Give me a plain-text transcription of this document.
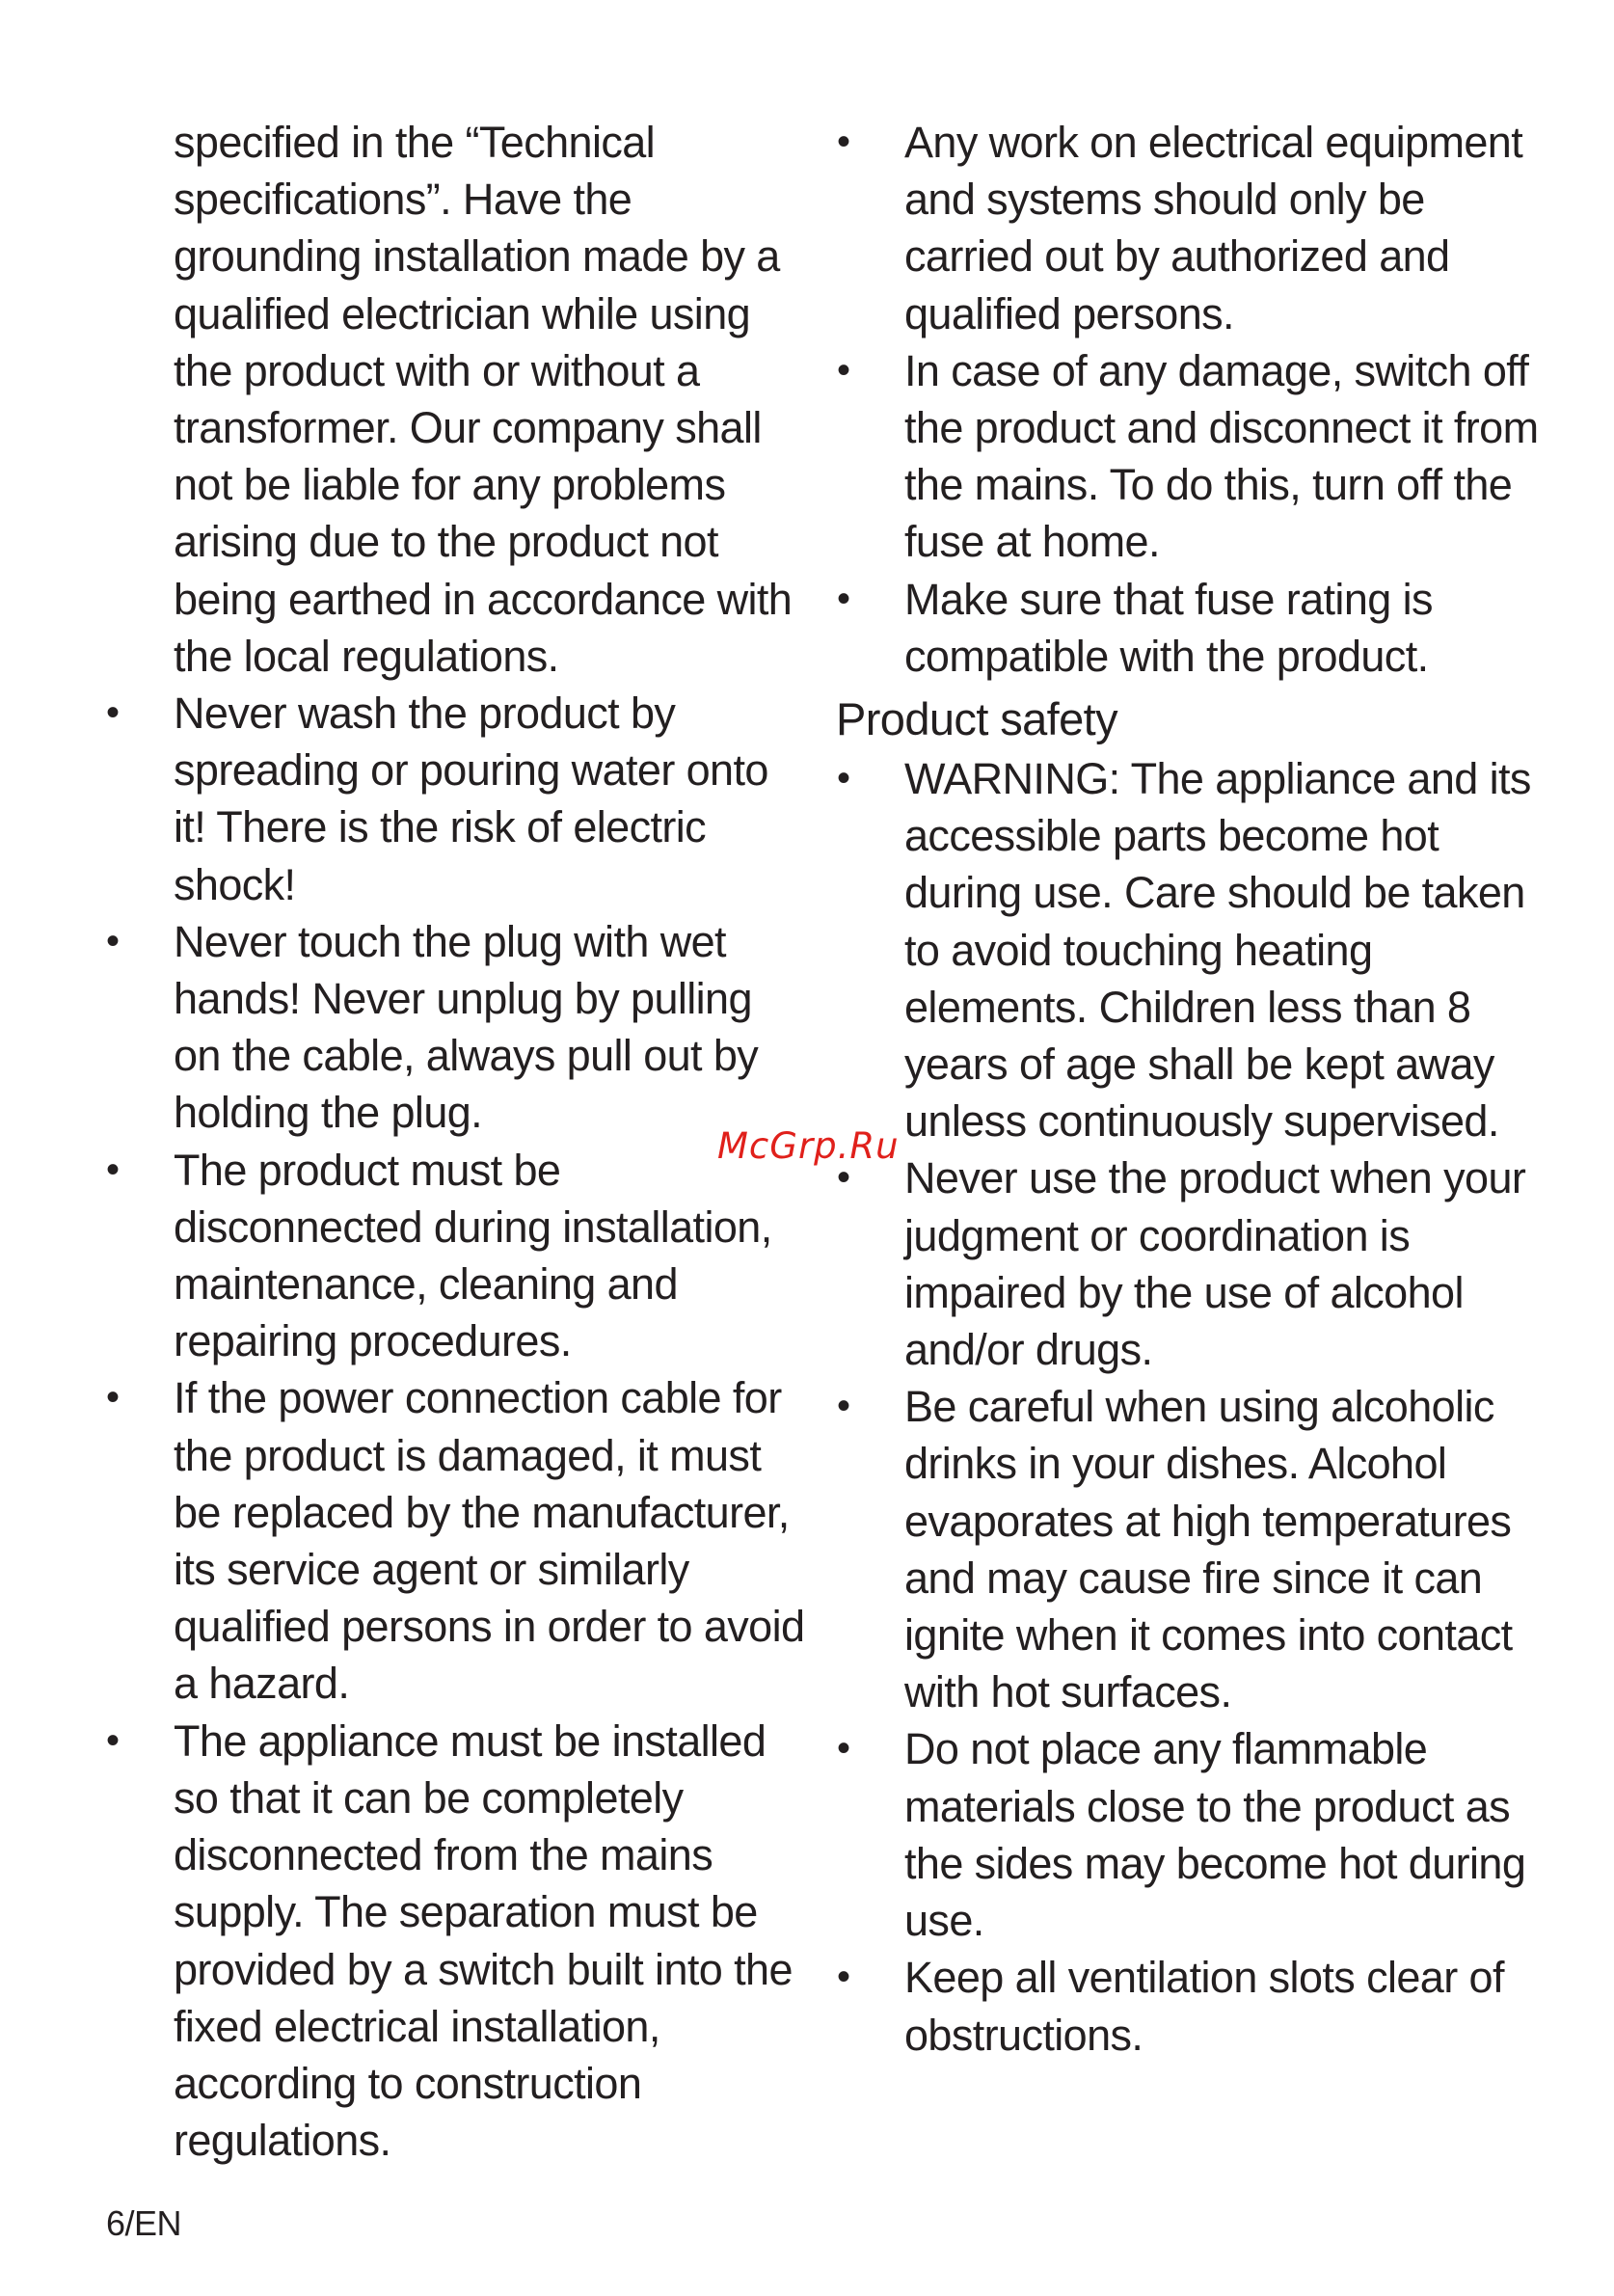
specified in the “Technical specifications”. Have the grounding installation made by a qualified electrician while using the product with or without a transformer. Our company shall not be liable for any problems arising due to the product not being earthed in accordance with the local regulations.

• Never wash the product by spreading or pouring water onto it! There is the risk of electric shock!
• Never touch the plug with wet hands! Never unplug by pulling on the cable, always pull out by holding the plug.
• The product must be disconnected during installation, maintenance, cleaning and repairing procedures.
• If the power connection cable for the product is damaged, it must be replaced by the manufacturer, its service agent or similarly qualified persons in order to avoid a hazard.
• The appliance must be installed so that it can be completely disconnected from the mains supply. The separation must be provided by a switch built into the fixed electrical installation, according to construction regulations.
• Any work on electrical equipment and systems should only be carried out by authorized and qualified persons.
• In case of any damage, switch off the product and disconnect it from the mains. To do this, turn off the fuse at home.
• Make sure that fuse rating is compatible with the product.
Product safety
• WARNING: The appliance and its accessible parts become hot during use. Care should be taken to avoid touching heating elements. Children less than 8 years of age shall be kept away unless continuously supervised.
• Never use the product when your judgment or coordination is impaired by the use of alcohol and/or drugs.
• Be careful when using alcoholic drinks in your dishes. Alcohol evaporates at high temperatures and may cause fire since it can ignite when it comes into contact with hot surfaces.
• Do not place any flammable materials close to the product as the sides may become hot during use.
• Keep all ventilation slots clear of obstructions.
McGrp.Ru
6/EN
